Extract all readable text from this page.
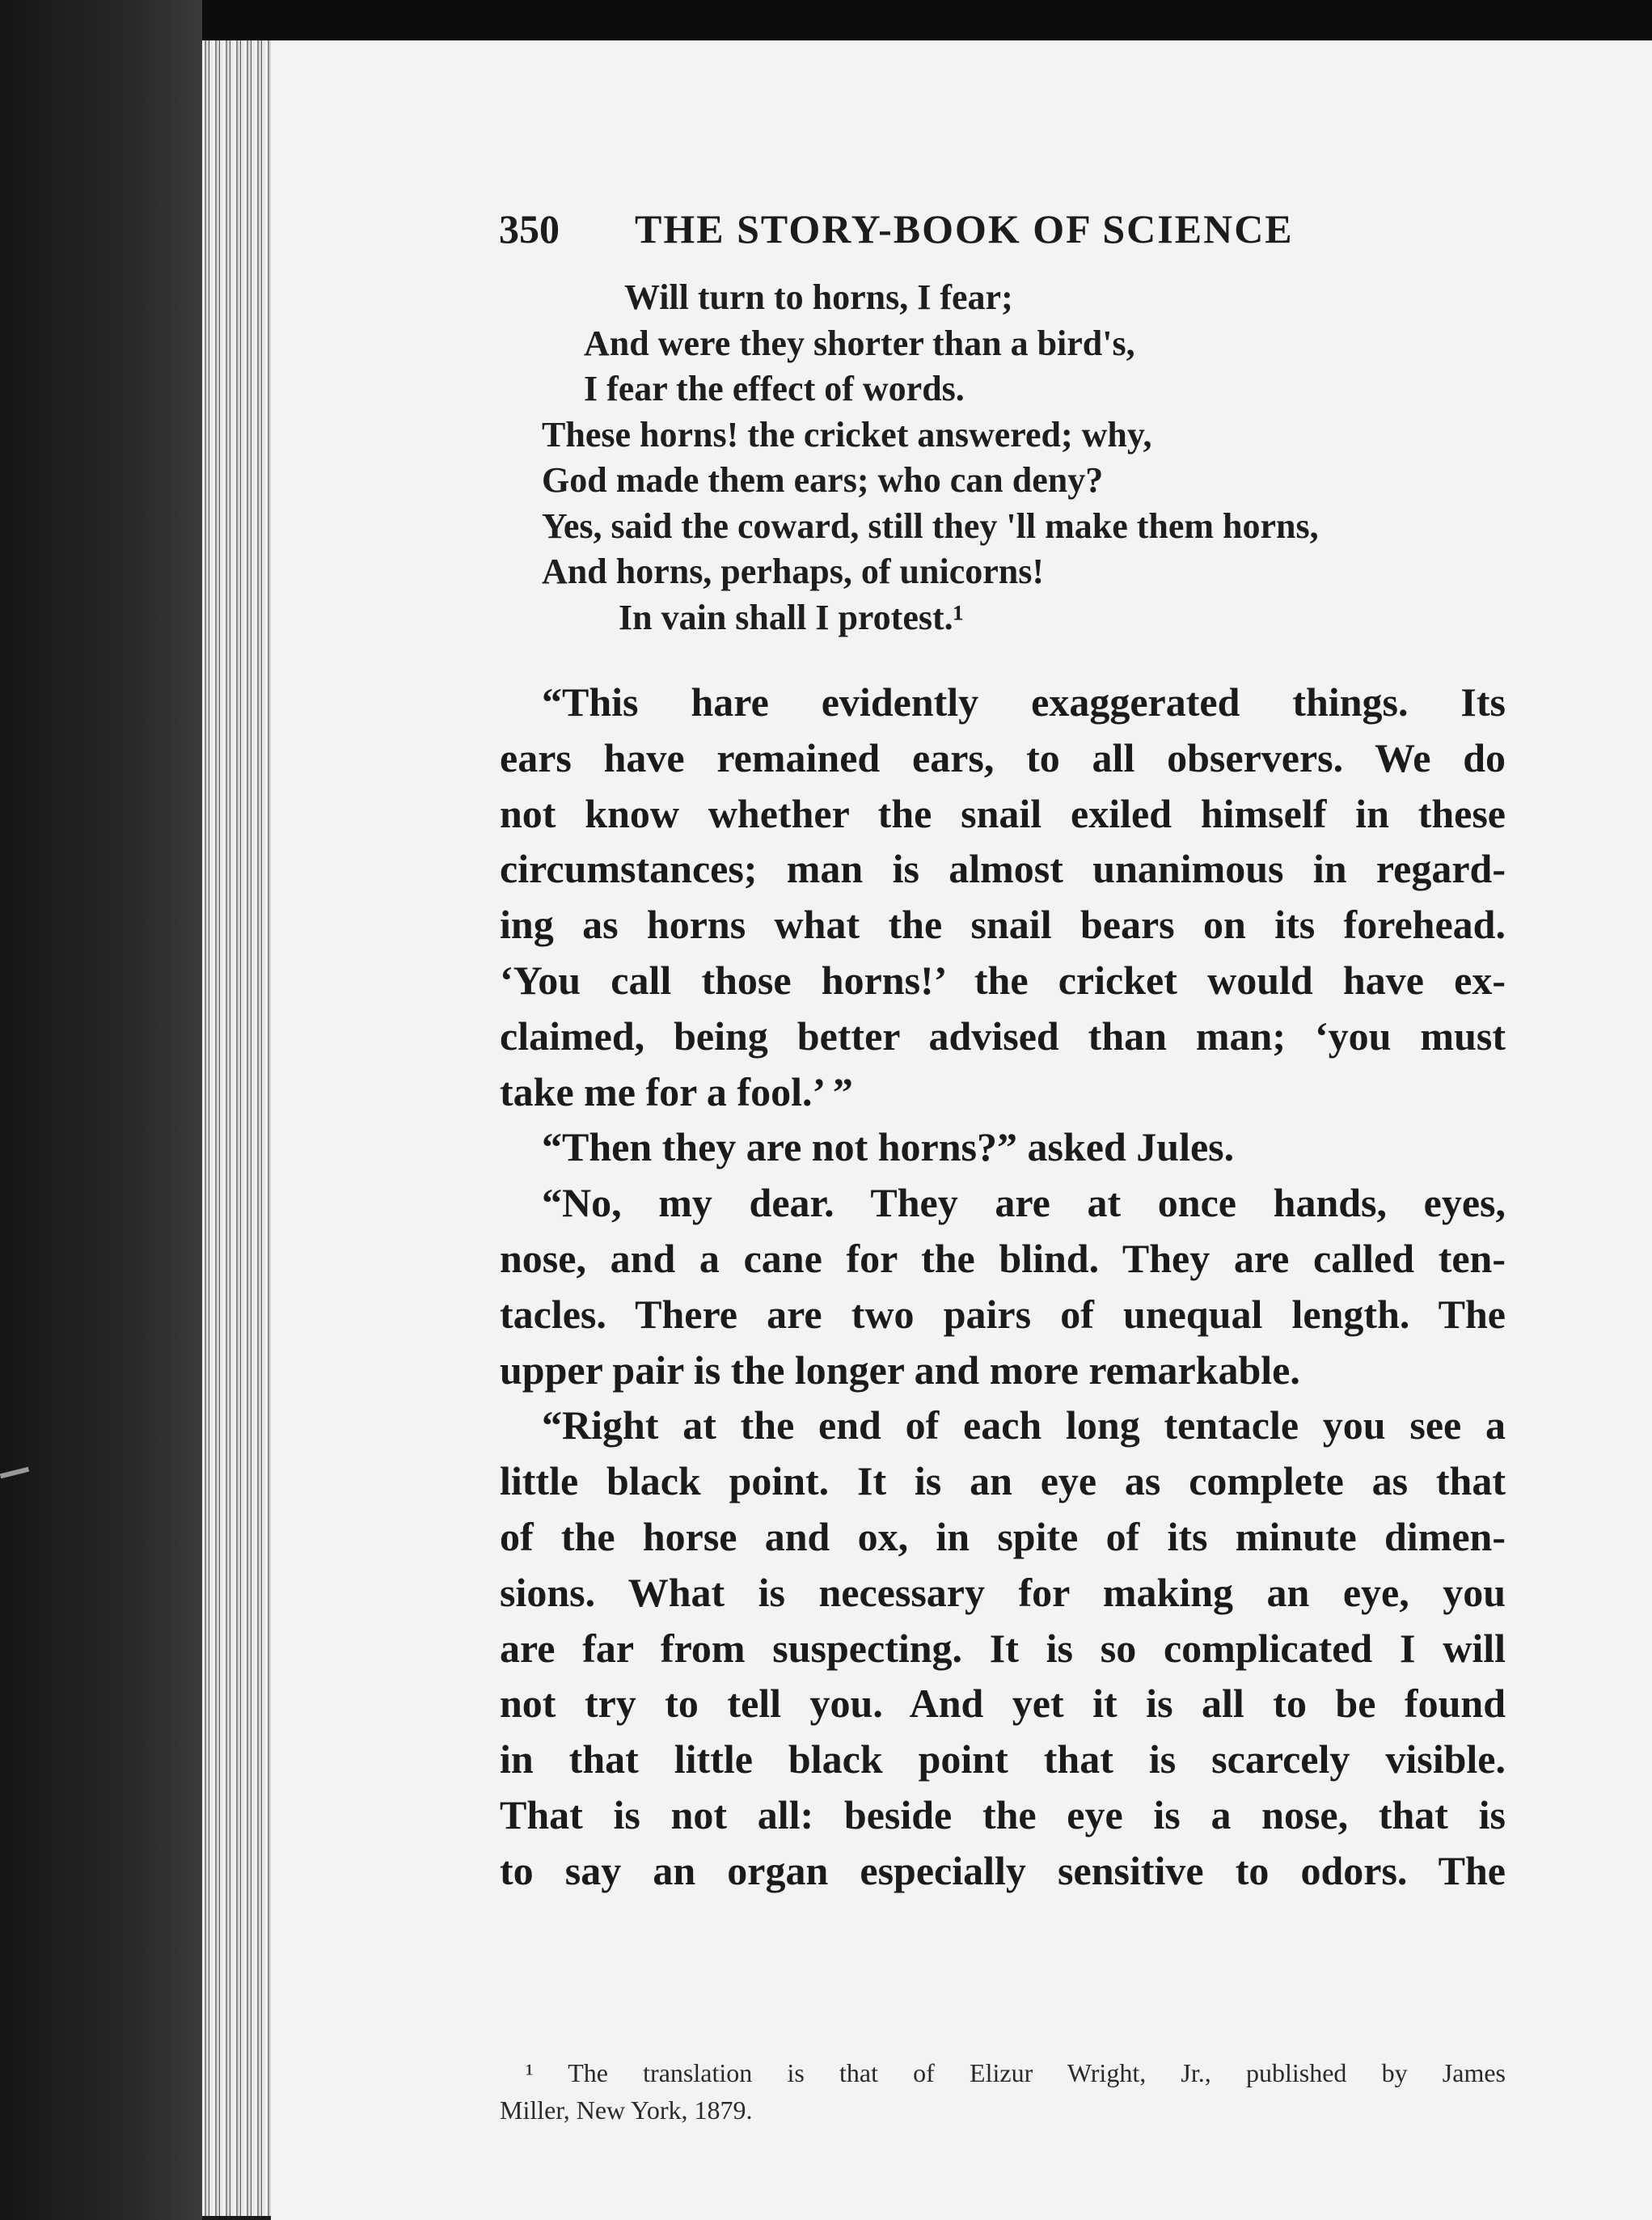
350 THE STORY-BOOK OF SCIENCE
Will turn to horns, I fear;
And were they shorter than a bird's,
I fear the effect of words.
These horns! the cricket answered; why,
God made them ears; who can deny?
Yes, said the coward, still they 'll make them horns,
And horns, perhaps, of unicorns!
In vain shall I protest.¹
“This hare evidently exaggerated things. Its
ears have remained ears, to all observers. We do
not know whether the snail exiled himself in these
circumstances; man is almost unanimous in regard-
ing as horns what the snail bears on its forehead.
‘You call those horns!’ the cricket would have ex-
claimed, being better advised than man; ‘you must
take me for a fool.’ ”
“Then they are not horns?” asked Jules.
“No, my dear. They are at once hands, eyes,
nose, and a cane for the blind. They are called ten-
tacles. There are two pairs of unequal length. The
upper pair is the longer and more remarkable.
“Right at the end of each long tentacle you see a
little black point. It is an eye as complete as that
of the horse and ox, in spite of its minute dimen-
sions. What is necessary for making an eye, you
are far from suspecting. It is so complicated I will
not try to tell you. And yet it is all to be found
in that little black point that is scarcely visible.
That is not all: beside the eye is a nose, that is
to say an organ especially sensitive to odors. The
¹ The translation is that of Elizur Wright, Jr., published by James
Miller, New York, 1879.
